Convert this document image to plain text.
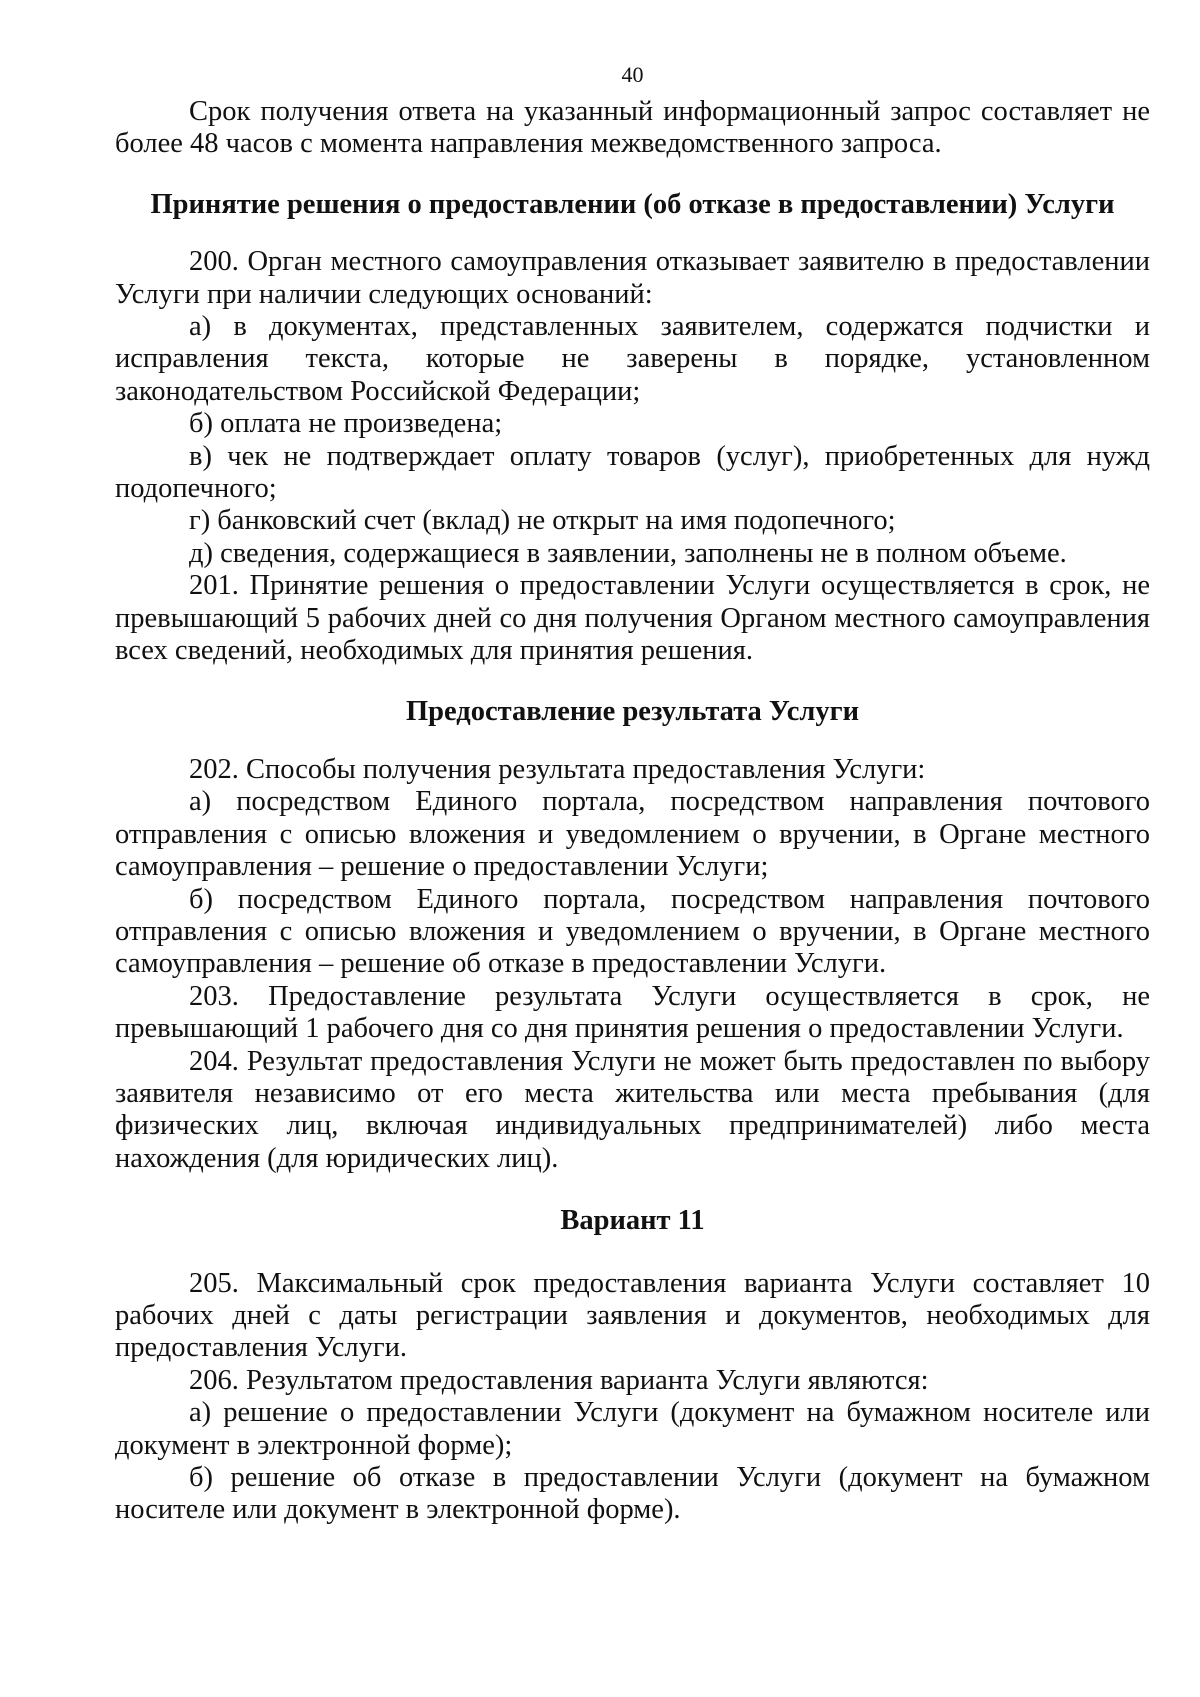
40

Срок получения ответа на указанный информационный запрос составляет не более 48 часов с момента направления межведомственного запроса.

Принятие решения о предоставлении (об отказе в предоставлении) Услуги

200. Орган местного самоуправления отказывает заявителю в предоставлении Услуги при наличии следующих оснований:

а) в документах, представленных заявителем, содержатся подчистки и исправления текста, которые не заверены в порядке, установленном законодательством Российской Федерации;

б) оплата не произведена;

в) чек не подтверждает оплату товаров (услуг), приобретенных для нужд подопечного;

г) банковский счет (вклад) не открыт на имя подопечного;

д) сведения, содержащиеся в заявлении, заполнены не в полном объеме.

201. Принятие решения о предоставлении Услуги осуществляется в срок, не превышающий 5 рабочих дней со дня получения Органом местного самоуправления всех сведений, необходимых для принятия решения.

Предоставление результата Услуги

202. Способы получения результата предоставления Услуги:

а) посредством Единого портала, посредством направления почтового отправления с описью вложения и уведомлением о вручении, в Органе местного самоуправления – решение о предоставлении Услуги;

б) посредством Единого портала, посредством направления почтового отправления с описью вложения и уведомлением о вручении, в Органе местного самоуправления – решение об отказе в предоставлении Услуги.

203. Предоставление результата Услуги осуществляется в срок, не превышающий 1 рабочего дня со дня принятия решения о предоставлении Услуги.

204. Результат предоставления Услуги не может быть предоставлен по выбору заявителя независимо от его места жительства или места пребывания (для физических лиц, включая индивидуальных предпринимателей) либо места нахождения (для юридических лиц).

Вариант 11

205. Максимальный срок предоставления варианта Услуги составляет 10 рабочих дней с даты регистрации заявления и документов, необходимых для предоставления Услуги.

206. Результатом предоставления варианта Услуги являются:

а) решение о предоставлении Услуги (документ на бумажном носителе или документ в электронной форме);

б) решение об отказе в предоставлении Услуги (документ на бумажном носителе или документ в электронной форме).
